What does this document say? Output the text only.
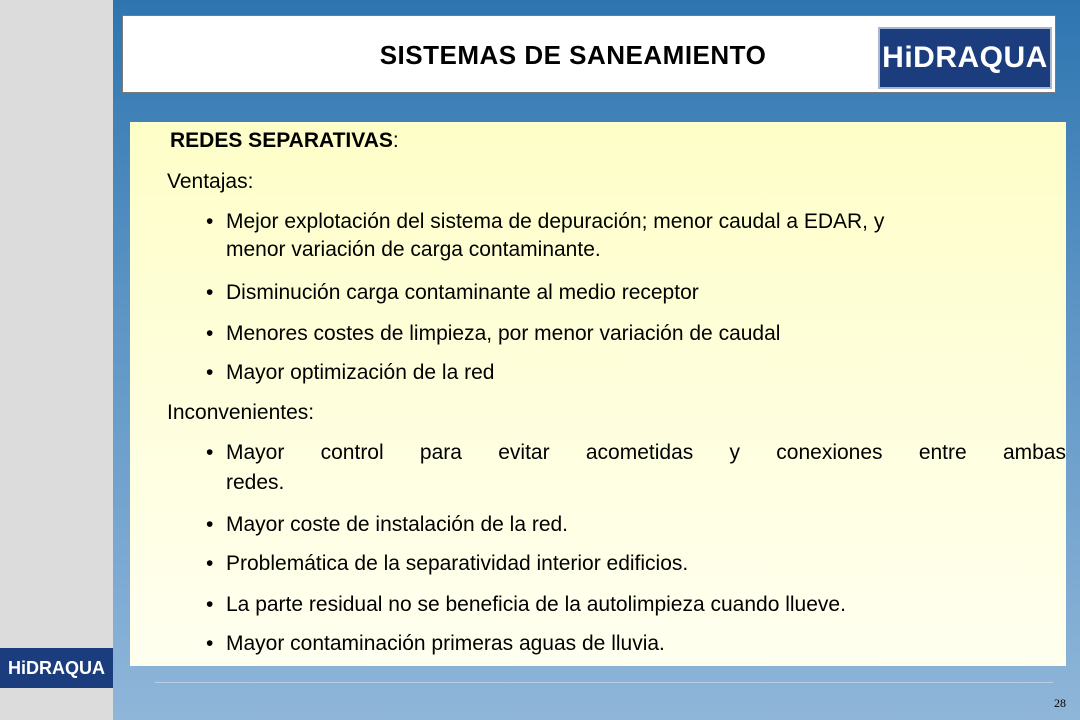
SISTEMAS DE SANEAMIENTO	HiDRAQUA
REDES SEPARATIVAS:
Ventajas:
• Mejor explotación del sistema de depuración; menor caudal a EDAR, y
menor variación de carga contaminante.
• Disminución carga contaminante al medio receptor
• Menores costes de limpieza, por menor variación de caudal
• Mayor optimización de la red
Inconvenientes:
• Mayor control para evitar acometidas y conexiones entre ambas
redes.
• Mayor coste de instalación de la red.
• Problemática de la separatividad interior edificios.
• La parte residual no se beneficia de la autolimpieza cuando llueve.
• Mayor contaminación primeras aguas de lluvia.
28
HiDRAQUA
